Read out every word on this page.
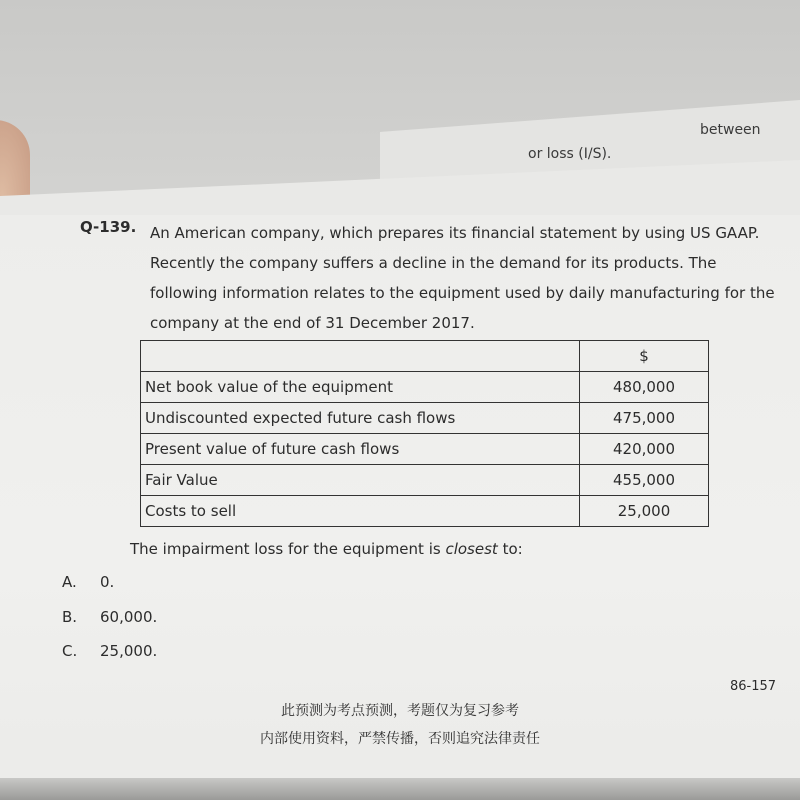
between
or loss (I/S).
Q-139. An American company, which prepares its financial statement by using US GAAP. Recently the company suffers a decline in the demand for its products. The following information relates to the equipment used by daily manufacturing for the company at the end of 31 December 2017.

	$
Net book value of the equipment	480,000
Undiscounted expected future cash flows	475,000
Present value of future cash flows	420,000
Fair Value	455,000
Costs to sell	25,000
The impairment loss for the equipment is closest to:
A. 0.
B. 60,000.
C. 25,000.
86-157
此预测为考点预测，考题仅为复习参考
内部使用资料，严禁传播，否则追究法律责任
